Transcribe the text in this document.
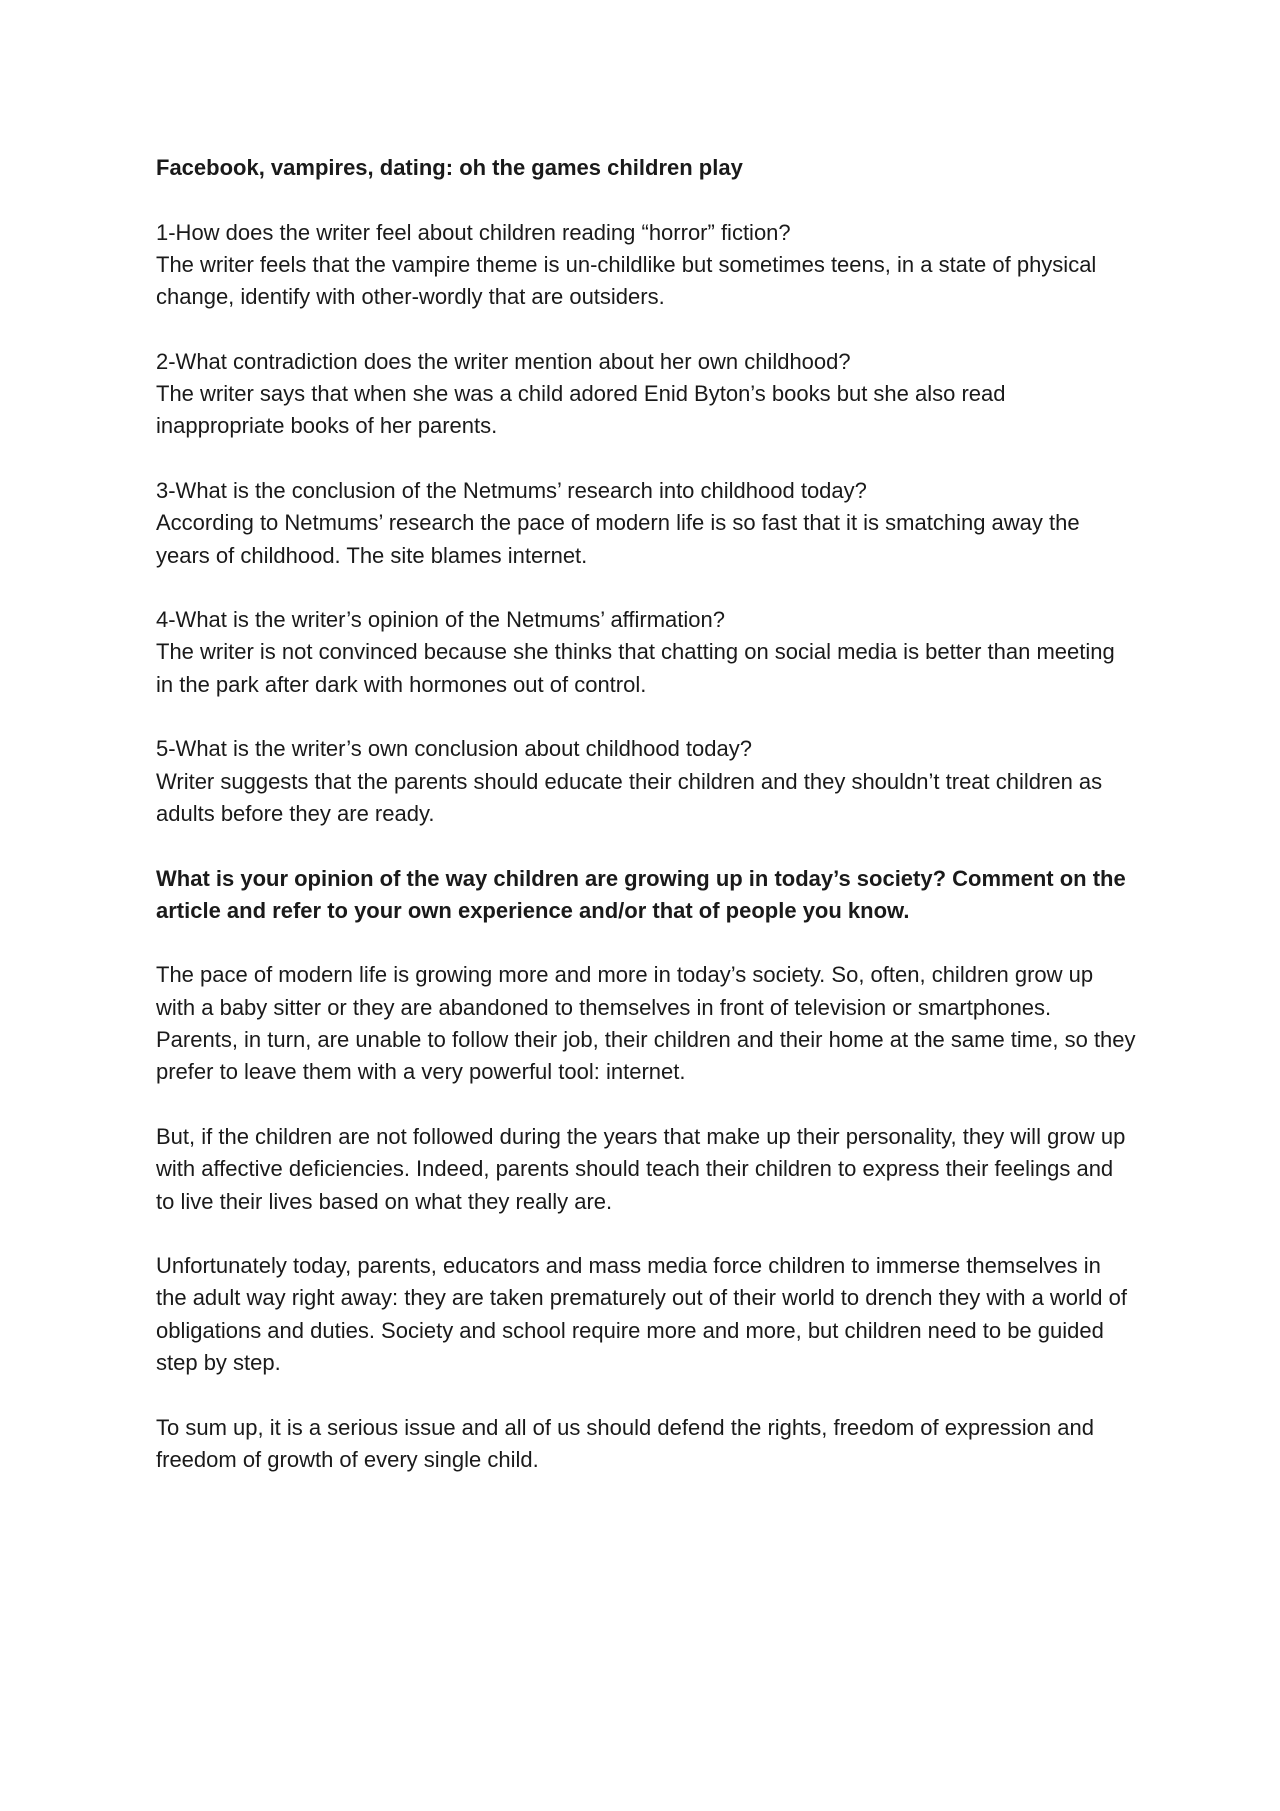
Facebook, vampires, dating: oh the games children play

1-How does the writer feel about children reading “horror” fiction?

The writer feels that the vampire theme is un-childlike but sometimes teens, in a state of physical change, identify with other-wordly that are outsiders.

2-What contradiction does the writer mention about her own childhood?

The writer says that when she was a child adored Enid Byton’s books but she also read inappropriate books of her parents.

3-What is the conclusion of the Netmums’ research into childhood today?

According to Netmums’ research the pace of modern life is so fast that it is smatching away the years of childhood. The site blames internet.

4-What is the writer’s opinion of the Netmums’ affirmation?

The writer is not convinced because she thinks that chatting on social media is better than meeting in the park after dark with hormones out of control.

5-What is the writer’s own conclusion about childhood today?

Writer suggests that the parents should educate their children and they shouldn’t treat children as adults before they are ready.

What is your opinion of the way children are growing up in today’s society? Comment on the article and refer to your own experience and/or that of people you know.

The pace of modern life is growing more and more in today’s society. So, often, children grow up with a baby sitter or they are abandoned to themselves in front of television or smartphones.

Parents, in turn, are unable to follow their job, their children and their home at the same time, so they prefer to leave them with a very powerful tool: internet.

But, if the children are not followed during the years that make up their personality, they will grow up with affective deficiencies. Indeed, parents should teach their children to express their feelings and to live their lives based on what they really are.

Unfortunately today, parents, educators and mass media force children to immerse themselves in the adult way right away: they are taken prematurely out of their world to drench they with a world of obligations and duties. Society and school require more and more, but children need to be guided step by step.

To sum up, it is a serious issue and all of us should defend the rights, freedom of expression and freedom of growth of every single child.
